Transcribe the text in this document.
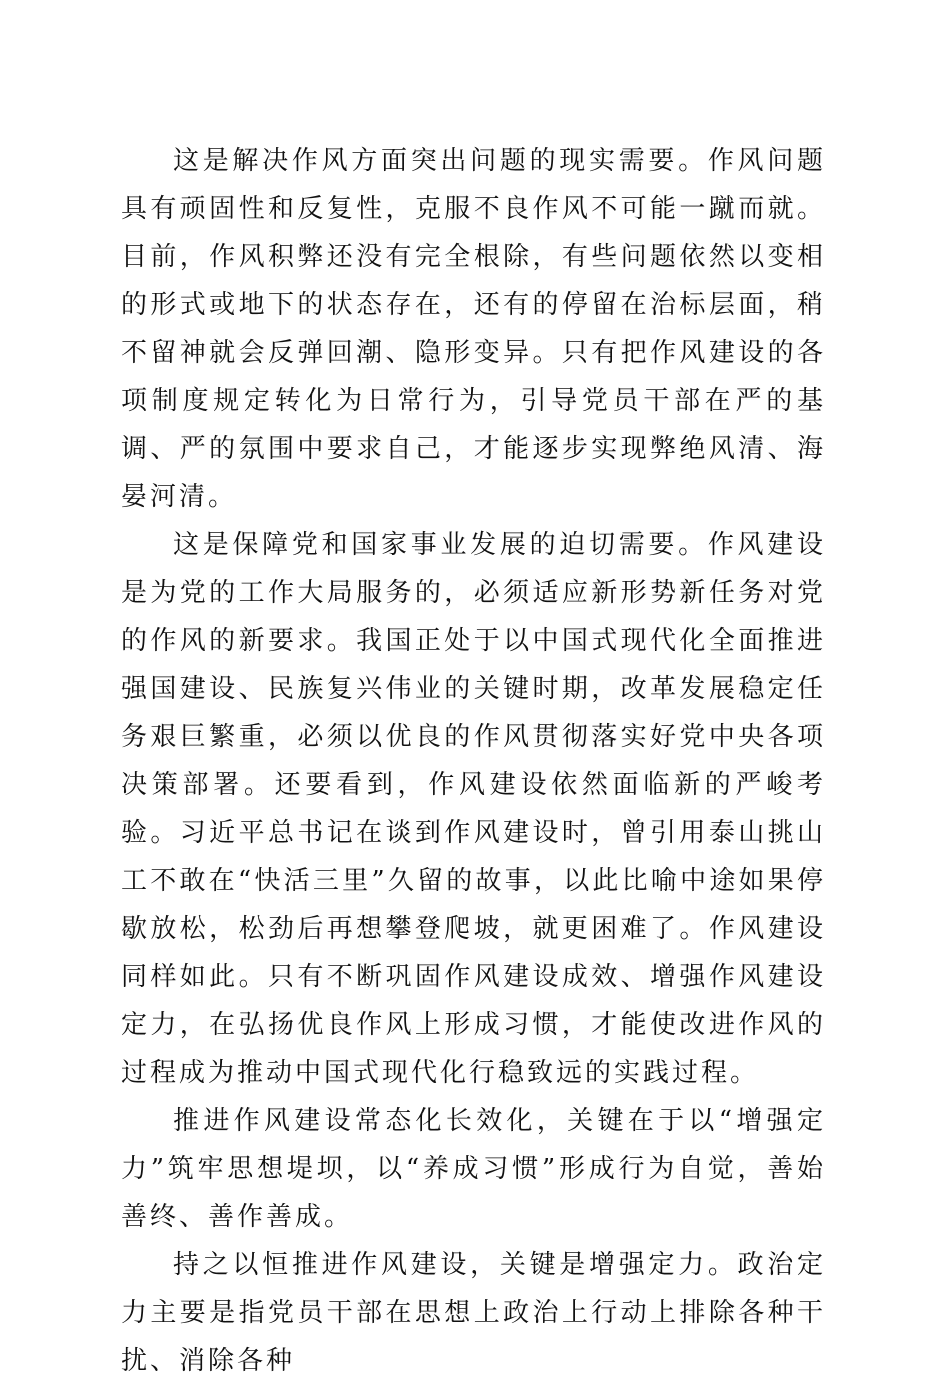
这是解决作风方面突出问题的现实需要。作风问题具有顽固性和反复性，克服不良作风不可能一蹴而就。目前，作风积弊还没有完全根除，有些问题依然以变相的形式或地下的状态存在，还有的停留在治标层面，稍不留神就会反弹回潮、隐形变异。只有把作风建设的各项制度规定转化为日常行为，引导党员干部在严的基调、严的氛围中要求自己，才能逐步实现弊绝风清、海晏河清。

这是保障党和国家事业发展的迫切需要。作风建设是为党的工作大局服务的，必须适应新形势新任务对党的作风的新要求。我国正处于以中国式现代化全面推进强国建设、民族复兴伟业的关键时期，改革发展稳定任务艰巨繁重，必须以优良的作风贯彻落实好党中央各项决策部署。还要看到，作风建设依然面临新的严峻考验。习近平总书记在谈到作风建设时，曾引用泰山挑山工不敢在“快活三里”久留的故事，以此比喻中途如果停歇放松，松劲后再想攀登爬坡，就更困难了。作风建设同样如此。只有不断巩固作风建设成效、增强作风建设定力，在弘扬优良作风上形成习惯，才能使改进作风的过程成为推动中国式现代化行稳致远的实践过程。

推进作风建设常态化长效化，关键在于以“增强定力”筑牢思想堤坝，以“养成习惯”形成行为自觉，善始善终、善作善成。

持之以恒推进作风建设，关键是增强定力。政治定力主要是指党员干部在思想上政治上行动上排除各种干扰、消除各种
